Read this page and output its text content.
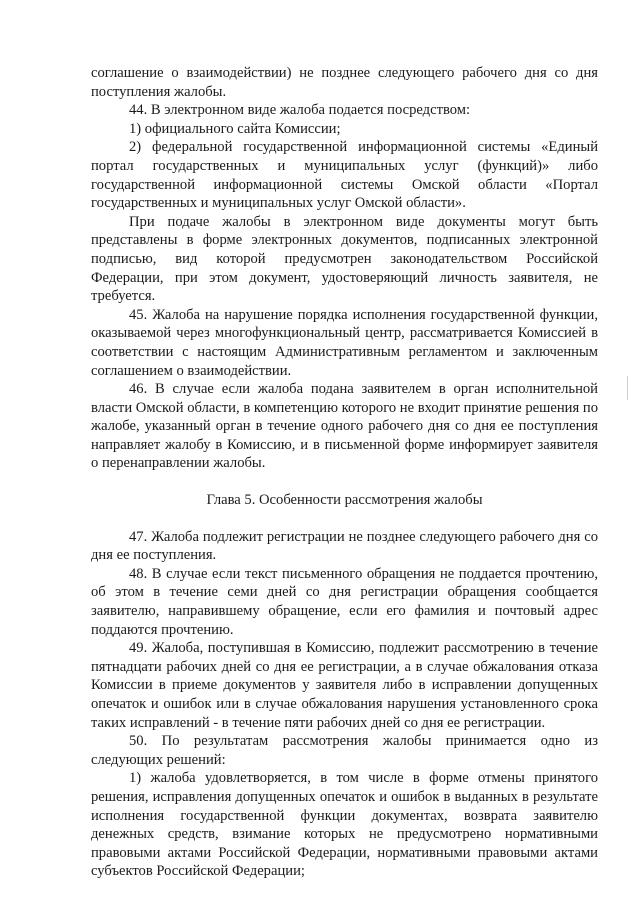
соглашение о взаимодействии) не позднее следующего рабочего дня со дня поступления жалобы.

44. В электронном виде жалоба подается посредством:

1) официального сайта Комиссии;

2) федеральной государственной информационной системы «Единый портал государственных и муниципальных услуг (функций)» либо государственной информационной системы Омской области «Портал государственных и муниципальных услуг Омской области».

При подаче жалобы в электронном виде документы могут быть представлены в форме электронных документов, подписанных электронной подписью, вид которой предусмотрен законодательством Российской Федерации, при этом документ, удостоверяющий личность заявителя, не требуется.

45. Жалоба на нарушение порядка исполнения государственной функции, оказываемой через многофункциональный центр, рассматривается Комиссией в соответствии с настоящим Административным регламентом и заключенным соглашением о взаимодействии.

46. В случае если жалоба подана заявителем в орган исполнительной власти Омской области, в компетенцию которого не входит принятие решения по жалобе, указанный орган в течение одного рабочего дня со дня ее поступления направляет жалобу в Комиссию, и в письменной форме информирует заявителя о перенаправлении жалобы.

Глава 5. Особенности рассмотрения жалобы

47. Жалоба подлежит регистрации не позднее следующего рабочего дня со дня ее поступления.

48. В случае если текст письменного обращения не поддается прочтению, об этом в течение семи дней со дня регистрации обращения сообщается заявителю, направившему обращение, если его фамилия и почтовый адрес поддаются прочтению.

49. Жалоба, поступившая в Комиссию, подлежит рассмотрению в течение пятнадцати рабочих дней со дня ее регистрации, а в случае обжалования отказа Комиссии в приеме документов у заявителя либо в исправлении допущенных опечаток и ошибок или в случае обжалования нарушения установленного срока таких исправлений - в течение пяти рабочих дней со дня ее регистрации.

50. По результатам рассмотрения жалобы принимается одно из следующих решений:

1) жалоба удовлетворяется, в том числе в форме отмены принятого решения, исправления допущенных опечаток и ошибок в выданных в результате исполнения государственной функции документах, возврата заявителю денежных средств, взимание которых не предусмотрено нормативными правовыми актами Российской Федерации, нормативными правовыми актами субъектов Российской Федерации;
